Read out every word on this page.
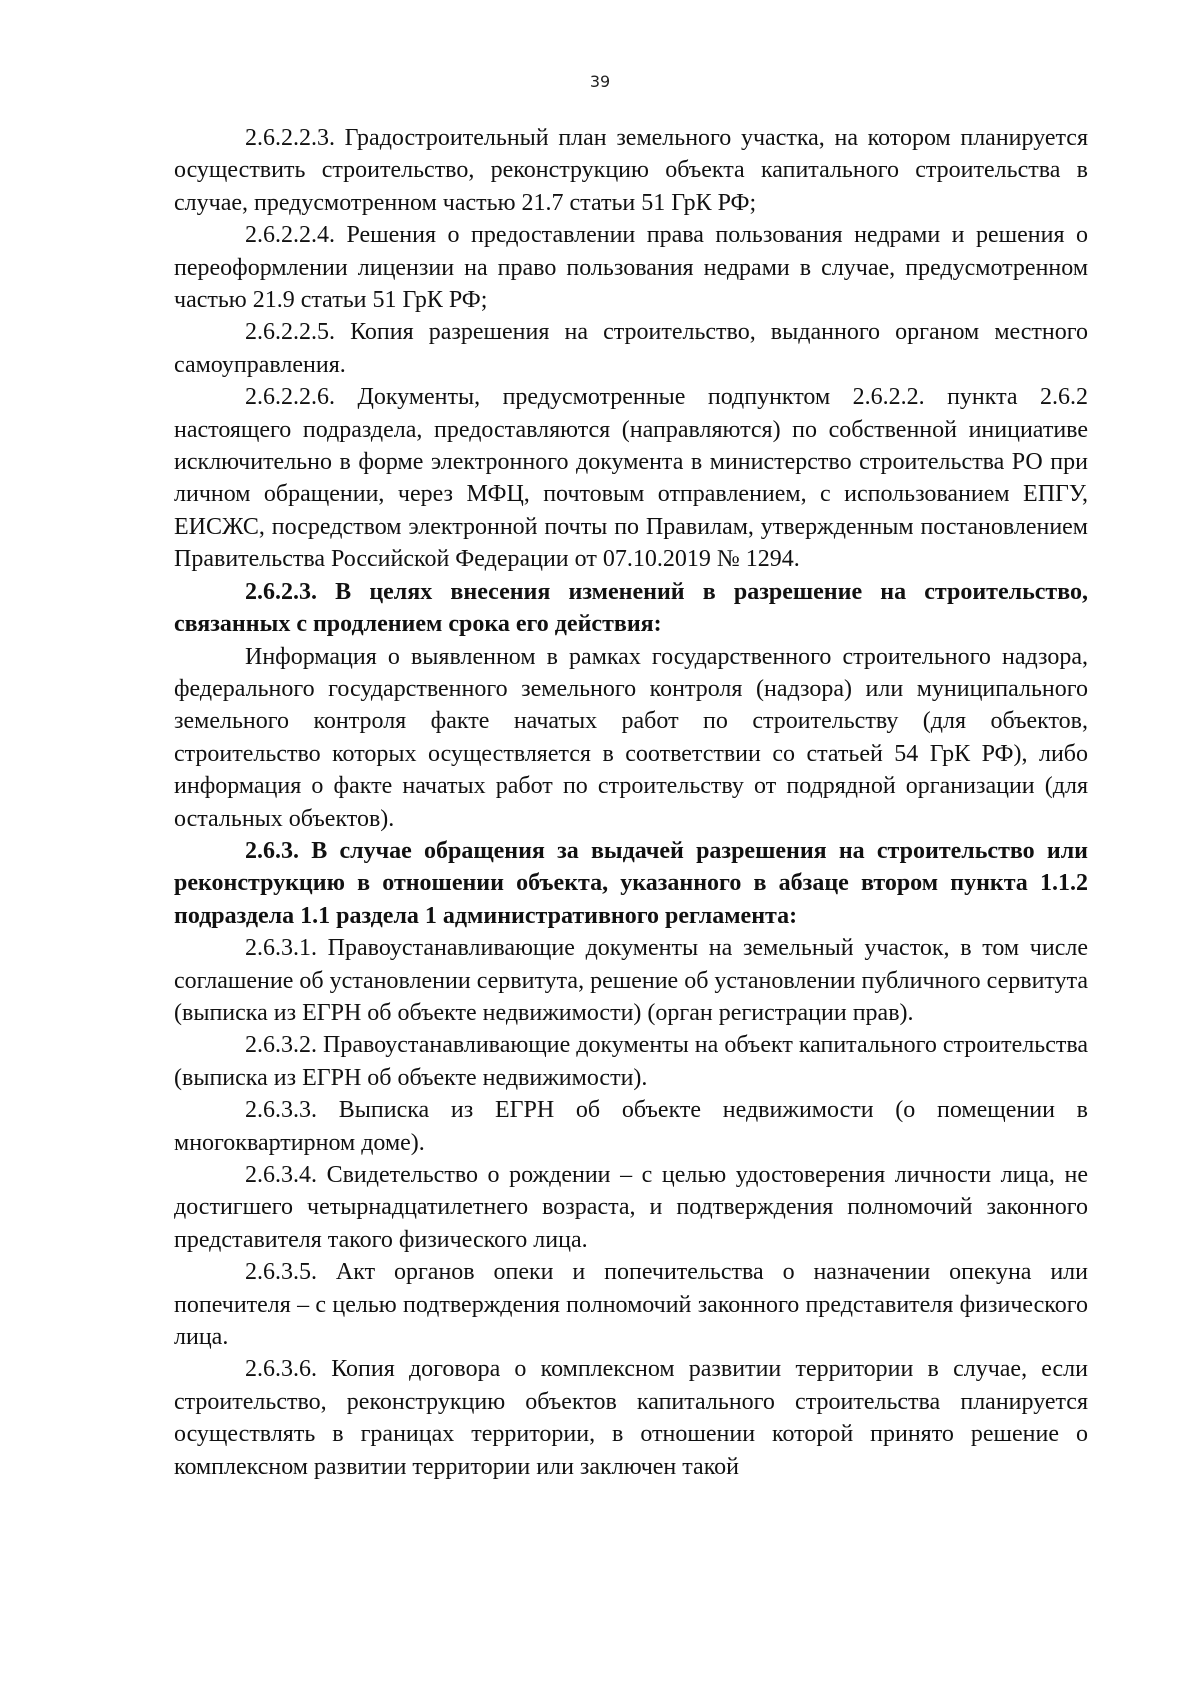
39

2.6.2.2.3. Градостроительный план земельного участка, на котором планируется осуществить строительство, реконструкцию объекта капитального строительства в случае, предусмотренном частью 21.7 статьи 51 ГрК РФ;

2.6.2.2.4. Решения о предоставлении права пользования недрами и решения о переоформлении лицензии на право пользования недрами в случае, предусмотренном частью 21.9 статьи 51 ГрК РФ;

2.6.2.2.5. Копия разрешения на строительство, выданного органом местного самоуправления.

2.6.2.2.6. Документы, предусмотренные подпунктом 2.6.2.2. пункта 2.6.2 настоящего подраздела, предоставляются (направляются) по собственной инициативе исключительно в форме электронного документа в министерство строительства РО при личном обращении, через МФЦ, почтовым отправлением, с использованием ЕПГУ, ЕИСЖС, посредством электронной почты по Правилам, утвержденным постановлением Правительства Российской Федерации от 07.10.2019 № 1294.

2.6.2.3. В целях внесения изменений в разрешение на строительство, связанных с продлением срока его действия:

Информация о выявленном в рамках государственного строительного надзора, федерального государственного земельного контроля (надзора) или муниципального земельного контроля факте начатых работ по строительству (для объектов, строительство которых осуществляется в соответствии со статьей 54 ГрК РФ), либо информация о факте начатых работ по строительству от подрядной организации (для остальных объектов).

2.6.3. В случае обращения за выдачей разрешения на строительство или реконструкцию в отношении объекта, указанного в абзаце втором пункта 1.1.2 подраздела 1.1 раздела 1 административного регламента:

2.6.3.1. Правоустанавливающие документы на земельный участок, в том числе соглашение об установлении сервитута, решение об установлении публичного сервитута (выписка из ЕГРН об объекте недвижимости) (орган регистрации прав).

2.6.3.2. Правоустанавливающие документы на объект капитального строительства (выписка из ЕГРН об объекте недвижимости).

2.6.3.3. Выписка из ЕГРН об объекте недвижимости (о помещении в многоквартирном доме).

2.6.3.4. Свидетельство о рождении – с целью удостоверения личности лица, не достигшего четырнадцатилетнего возраста, и подтверждения полномочий законного представителя такого физического лица.

2.6.3.5. Акт органов опеки и попечительства о назначении опекуна или попечителя – с целью подтверждения полномочий законного представителя физического лица.

2.6.3.6. Копия договора о комплексном развитии территории в случае, если строительство, реконструкцию объектов капитального строительства планируется осуществлять в границах территории, в отношении которой принято решение о комплексном развитии территории или заключен такой
